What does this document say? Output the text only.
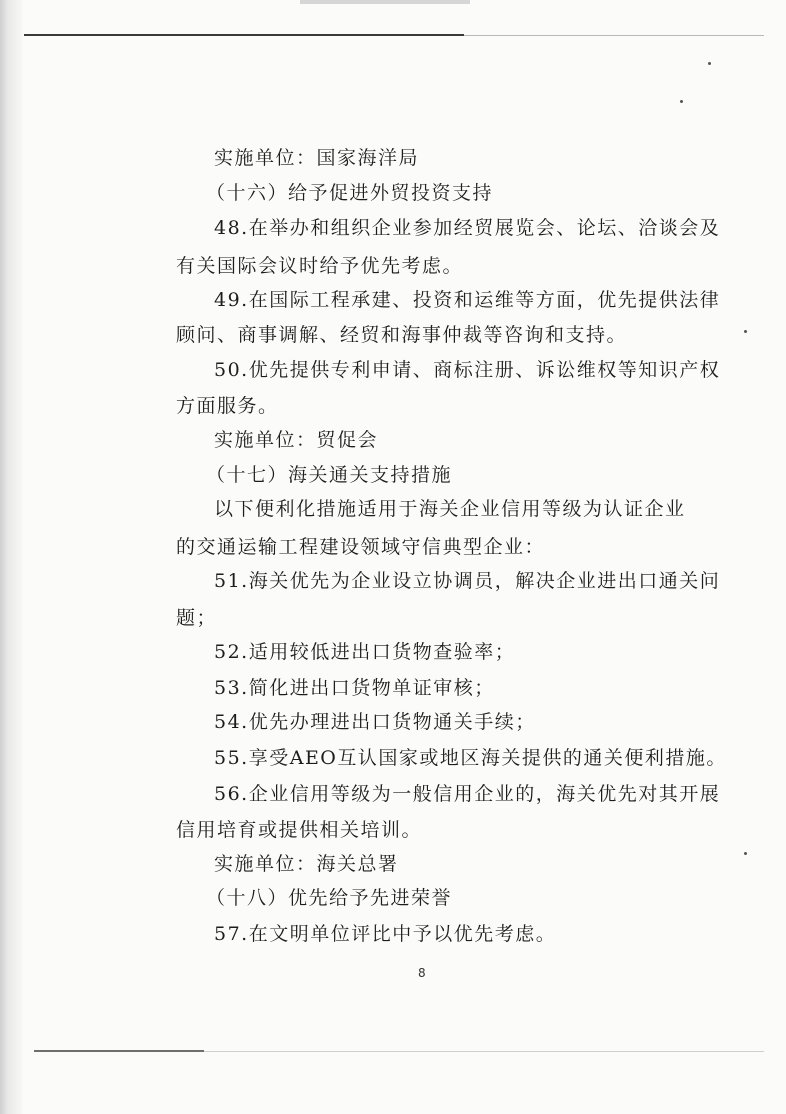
实施单位：国家海洋局
（十六）给予促进外贸投资支持
48.在举办和组织企业参加经贸展览会、论坛、洽谈会及
有关国际会议时给予优先考虑。
49.在国际工程承建、投资和运维等方面，优先提供法律
顾问、商事调解、经贸和海事仲裁等咨询和支持。
50.优先提供专利申请、商标注册、诉讼维权等知识产权
方面服务。
实施单位：贸促会
（十七）海关通关支持措施
以下便利化措施适用于海关企业信用等级为认证企业
的交通运输工程建设领域守信典型企业：
51.海关优先为企业设立协调员，解决企业进出口通关问
题；
52.适用较低进出口货物查验率；
53.简化进出口货物单证审核；
54.优先办理进出口货物通关手续；
55.享受AEO互认国家或地区海关提供的通关便利措施。
56.企业信用等级为一般信用企业的，海关优先对其开展
信用培育或提供相关培训。
实施单位：海关总署
（十八）优先给予先进荣誉
57.在文明单位评比中予以优先考虑。
8
